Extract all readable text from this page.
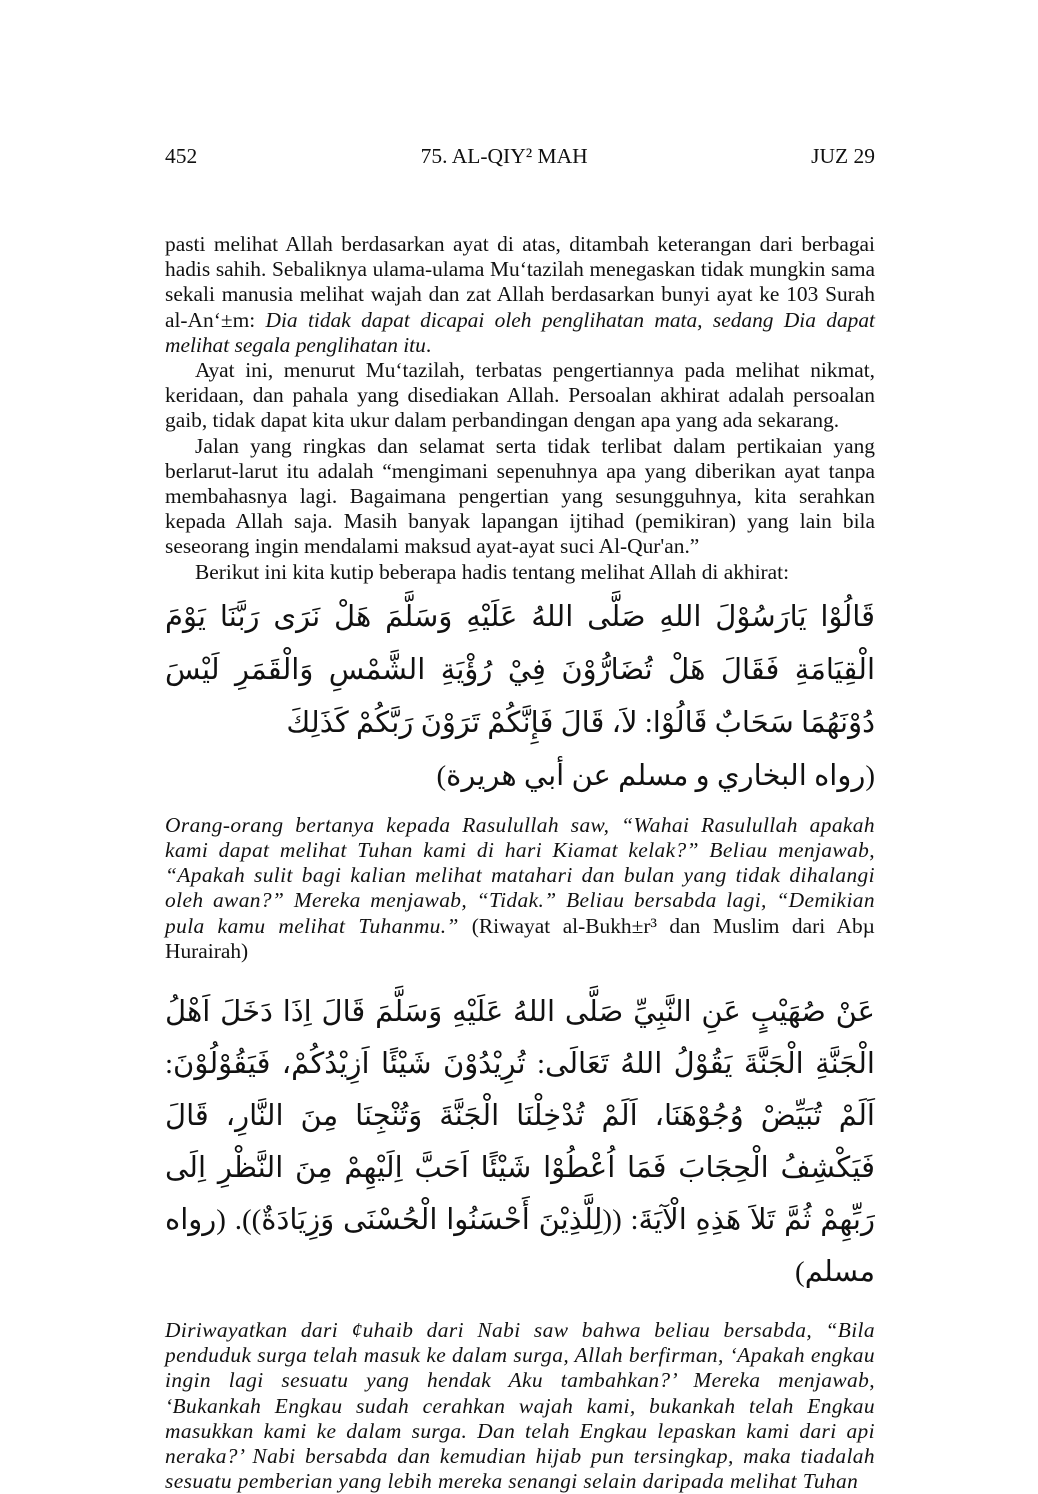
452	75. AL-QIY² MAH	JUZ 29

pasti melihat Allah berdasarkan ayat di atas, ditambah keterangan dari berbagai hadis sahih. Sebaliknya ulama-ulama Mu‘tazilah menegaskan tidak mungkin sama sekali manusia melihat wajah dan zat Allah berdasarkan bunyi ayat ke 103 Surah al-An‘±m: Dia tidak dapat dicapai oleh penglihatan mata, sedang Dia dapat melihat segala penglihatan itu.

Ayat ini, menurut Mu‘tazilah, terbatas pengertiannya pada melihat nikmat, keridaan, dan pahala yang disediakan Allah. Persoalan akhirat adalah persoalan gaib, tidak dapat kita ukur dalam perbandingan dengan apa yang ada sekarang.

Jalan yang ringkas dan selamat serta tidak terlibat dalam pertikaian yang berlarut-larut itu adalah “mengimani sepenuhnya apa yang diberikan ayat tanpa membahasnya lagi. Bagaimana pengertian yang sesungguhnya, kita serahkan kepada Allah saja. Masih banyak lapangan ijtihad (pemikiran) yang lain bila seseorang ingin mendalami maksud ayat-ayat suci Al-Qur'an.”

Berikut ini kita kutip beberapa hadis tentang melihat Allah di akhirat:

قَالُوْا يَارَسُوْلَ اللهِ صَلَّى اللهُ عَلَيْهِ وَسَلَّمَ هَلْ نَرَى رَبَّنَا يَوْمَ الْقِيَامَةِ فَقَالَ هَلْ تُضَارُّوْنَ فِيْ رُؤْيَةِ الشَّمْسِ وَالْقَمَرِ لَيْسَ دُوْنَهُمَا سَحَابٌ قَالُوْا: لاَ، قَالَ فَإِنَّكُمْ تَرَوْنَ رَبَّكُمْ كَذَلِكَ
(رواه البخاري و مسلم عن أبي هريرة)

Orang-orang bertanya kepada Rasulullah saw, “Wahai Rasulullah apakah kami dapat melihat Tuhan kami di hari Kiamat kelak?” Beliau menjawab, “Apakah sulit bagi kalian melihat matahari dan bulan yang tidak dihalangi oleh awan?” Mereka menjawab, “Tidak.” Beliau bersabda lagi, “Demikian pula kamu melihat Tuhanmu.” (Riwayat al-Bukh±r³ dan Muslim dari Abµ Hurairah)

عَنْ صُهَيْبٍ عَنِ النَّبِيِّ صَلَّى اللهُ عَلَيْهِ وَسَلَّمَ قَالَ اِذَا دَخَلَ اَهْلُ الْجَنَّةِ الْجَنَّةَ يَقُوْلُ اللهُ تَعَالَى: تُرِيْدُوْنَ شَيْئًا اَزِيْدُكُمْ، فَيَقُوْلُوْنَ: اَلَمْ تُبَيِّضْ وُجُوْهَنَا، اَلَمْ تُدْخِلْنَا الْجَنَّةَ وَتُنْجِنَا مِنَ النَّارِ، قَالَ فَيَكْشِفُ الْحِجَابَ فَمَا اُعْطُوْا شَيْئًا اَحَبَّ اِلَيْهِمْ مِنَ النَّظْرِ اِلَى رَبِّهِمْ ثُمَّ تَلاَ هَذِهِ الْآيَةَ: ((لِلَّذِيْنَ أَحْسَنُوا الْحُسْنَى وَزِيَادَةٌ)). (رواه مسلم)

Diriwayatkan dari ¢uhaib dari Nabi saw bahwa beliau bersabda, “Bila penduduk surga telah masuk ke dalam surga, Allah berfirman, ‘Apakah engkau ingin lagi sesuatu yang hendak Aku tambahkan?’ Mereka menjawab, ‘Bukankah Engkau sudah cerahkan wajah kami, bukankah telah Engkau masukkan kami ke dalam surga. Dan telah Engkau lepaskan kami dari api neraka?’ Nabi bersabda dan kemudian hijab pun tersingkap, maka tiadalah sesuatu pemberian yang lebih mereka senangi selain daripada melihat Tuhan
